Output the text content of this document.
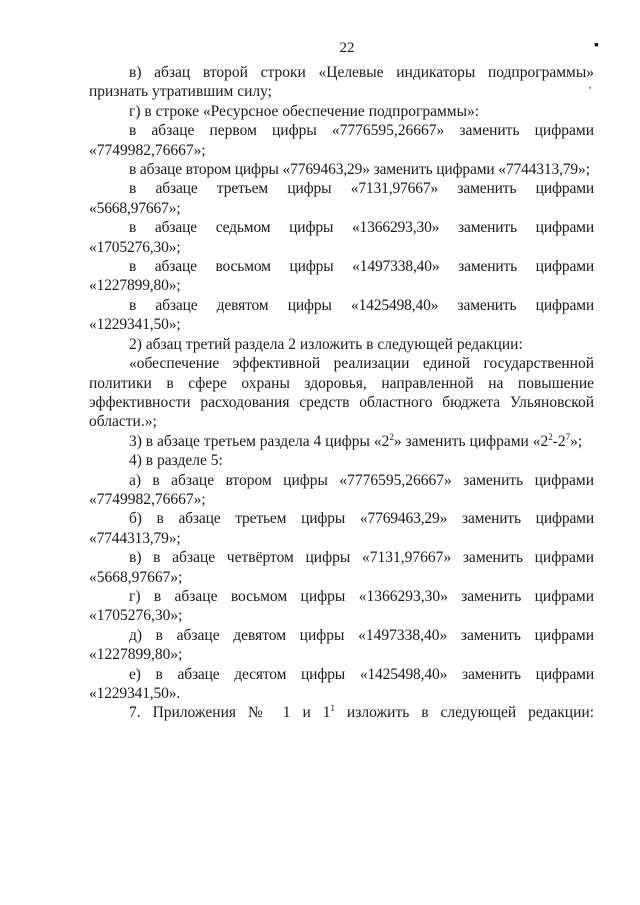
22	▪
'

в) абзац второй строки «Целевые индикаторы подпрограммы» признать утратившим силу;

г) в строке «Ресурсное обеспечение подпрограммы»:

в абзаце первом цифры «7776595,26667» заменить цифрами «7749982,76667»;

в абзаце втором цифры «7769463,29» заменить цифрами «7744313,79»;

в абзаце третьем цифры «7131,97667» заменить цифрами «5668,97667»;

в абзаце седьмом цифры «1366293,30» заменить цифрами «1705276,30»;

в абзаце восьмом цифры «1497338,40» заменить цифрами «1227899,80»;

в абзаце девятом цифры «1425498,40» заменить цифрами «1229341,50»;

2) абзац третий раздела 2 изложить в следующей редакции:

«обеспечение эффективной реализации единой государственной политики в сфере охраны здоровья, направленной на повышение эффективности расходования средств областного бюджета Ульяновской области.»;

3) в абзаце третьем раздела 4 цифры «$2^2$» заменить цифрами «$2^2-2^7$»;

4) в разделе 5:

а) в абзаце втором цифры «7776595,26667» заменить цифрами «7749982,76667»;

б) в абзаце третьем цифры «7769463,29» заменить цифрами «7744313,79»;

в) в абзаце четвёртом цифры «7131,97667» заменить цифрами «5668,97667»;

г) в абзаце восьмом цифры «1366293,30» заменить цифрами «1705276,30»;

д) в абзаце девятом цифры «1497338,40» заменить цифрами «1227899,80»;

е) в абзаце десятом цифры «1425498,40» заменить цифрами «1229341,50».

7. Приложения № 1 и $1^1$ изложить в следующей редакции:
